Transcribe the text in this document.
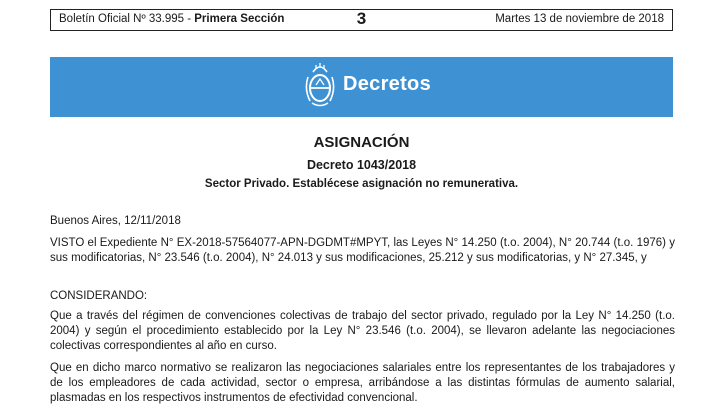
Boletín Oficial Nº 33.995 - Primera Sección	3	Martes 13 de noviembre de 2018
Decretos
ASIGNACIÓN
Decreto 1043/2018
Sector Privado. Establécese asignación no remunerativa.
Buenos Aires, 12/11/2018
VISTO el Expediente N° EX-2018-57564077-APN-DGDMT#MPYT, las Leyes N° 14.250 (t.o. 2004), N° 20.744 (t.o. 1976) y sus modificatorias, N° 23.546 (t.o. 2004), N° 24.013 y sus modificaciones, 25.212 y sus modificatorias, y N° 27.345, y
CONSIDERANDO:
Que a través del régimen de convenciones colectivas de trabajo del sector privado, regulado por la Ley N° 14.250 (t.o. 2004) y según el procedimiento establecido por la Ley N° 23.546 (t.o. 2004), se llevaron adelante las negociaciones colectivas correspondientes al año en curso.
Que en dicho marco normativo se realizaron las negociaciones salariales entre los representantes de los trabajadores y de los empleadores de cada actividad, sector o empresa, arribándose a las distintas fórmulas de aumento salarial, plasmadas en los respectivos instrumentos de efectividad convencional.
